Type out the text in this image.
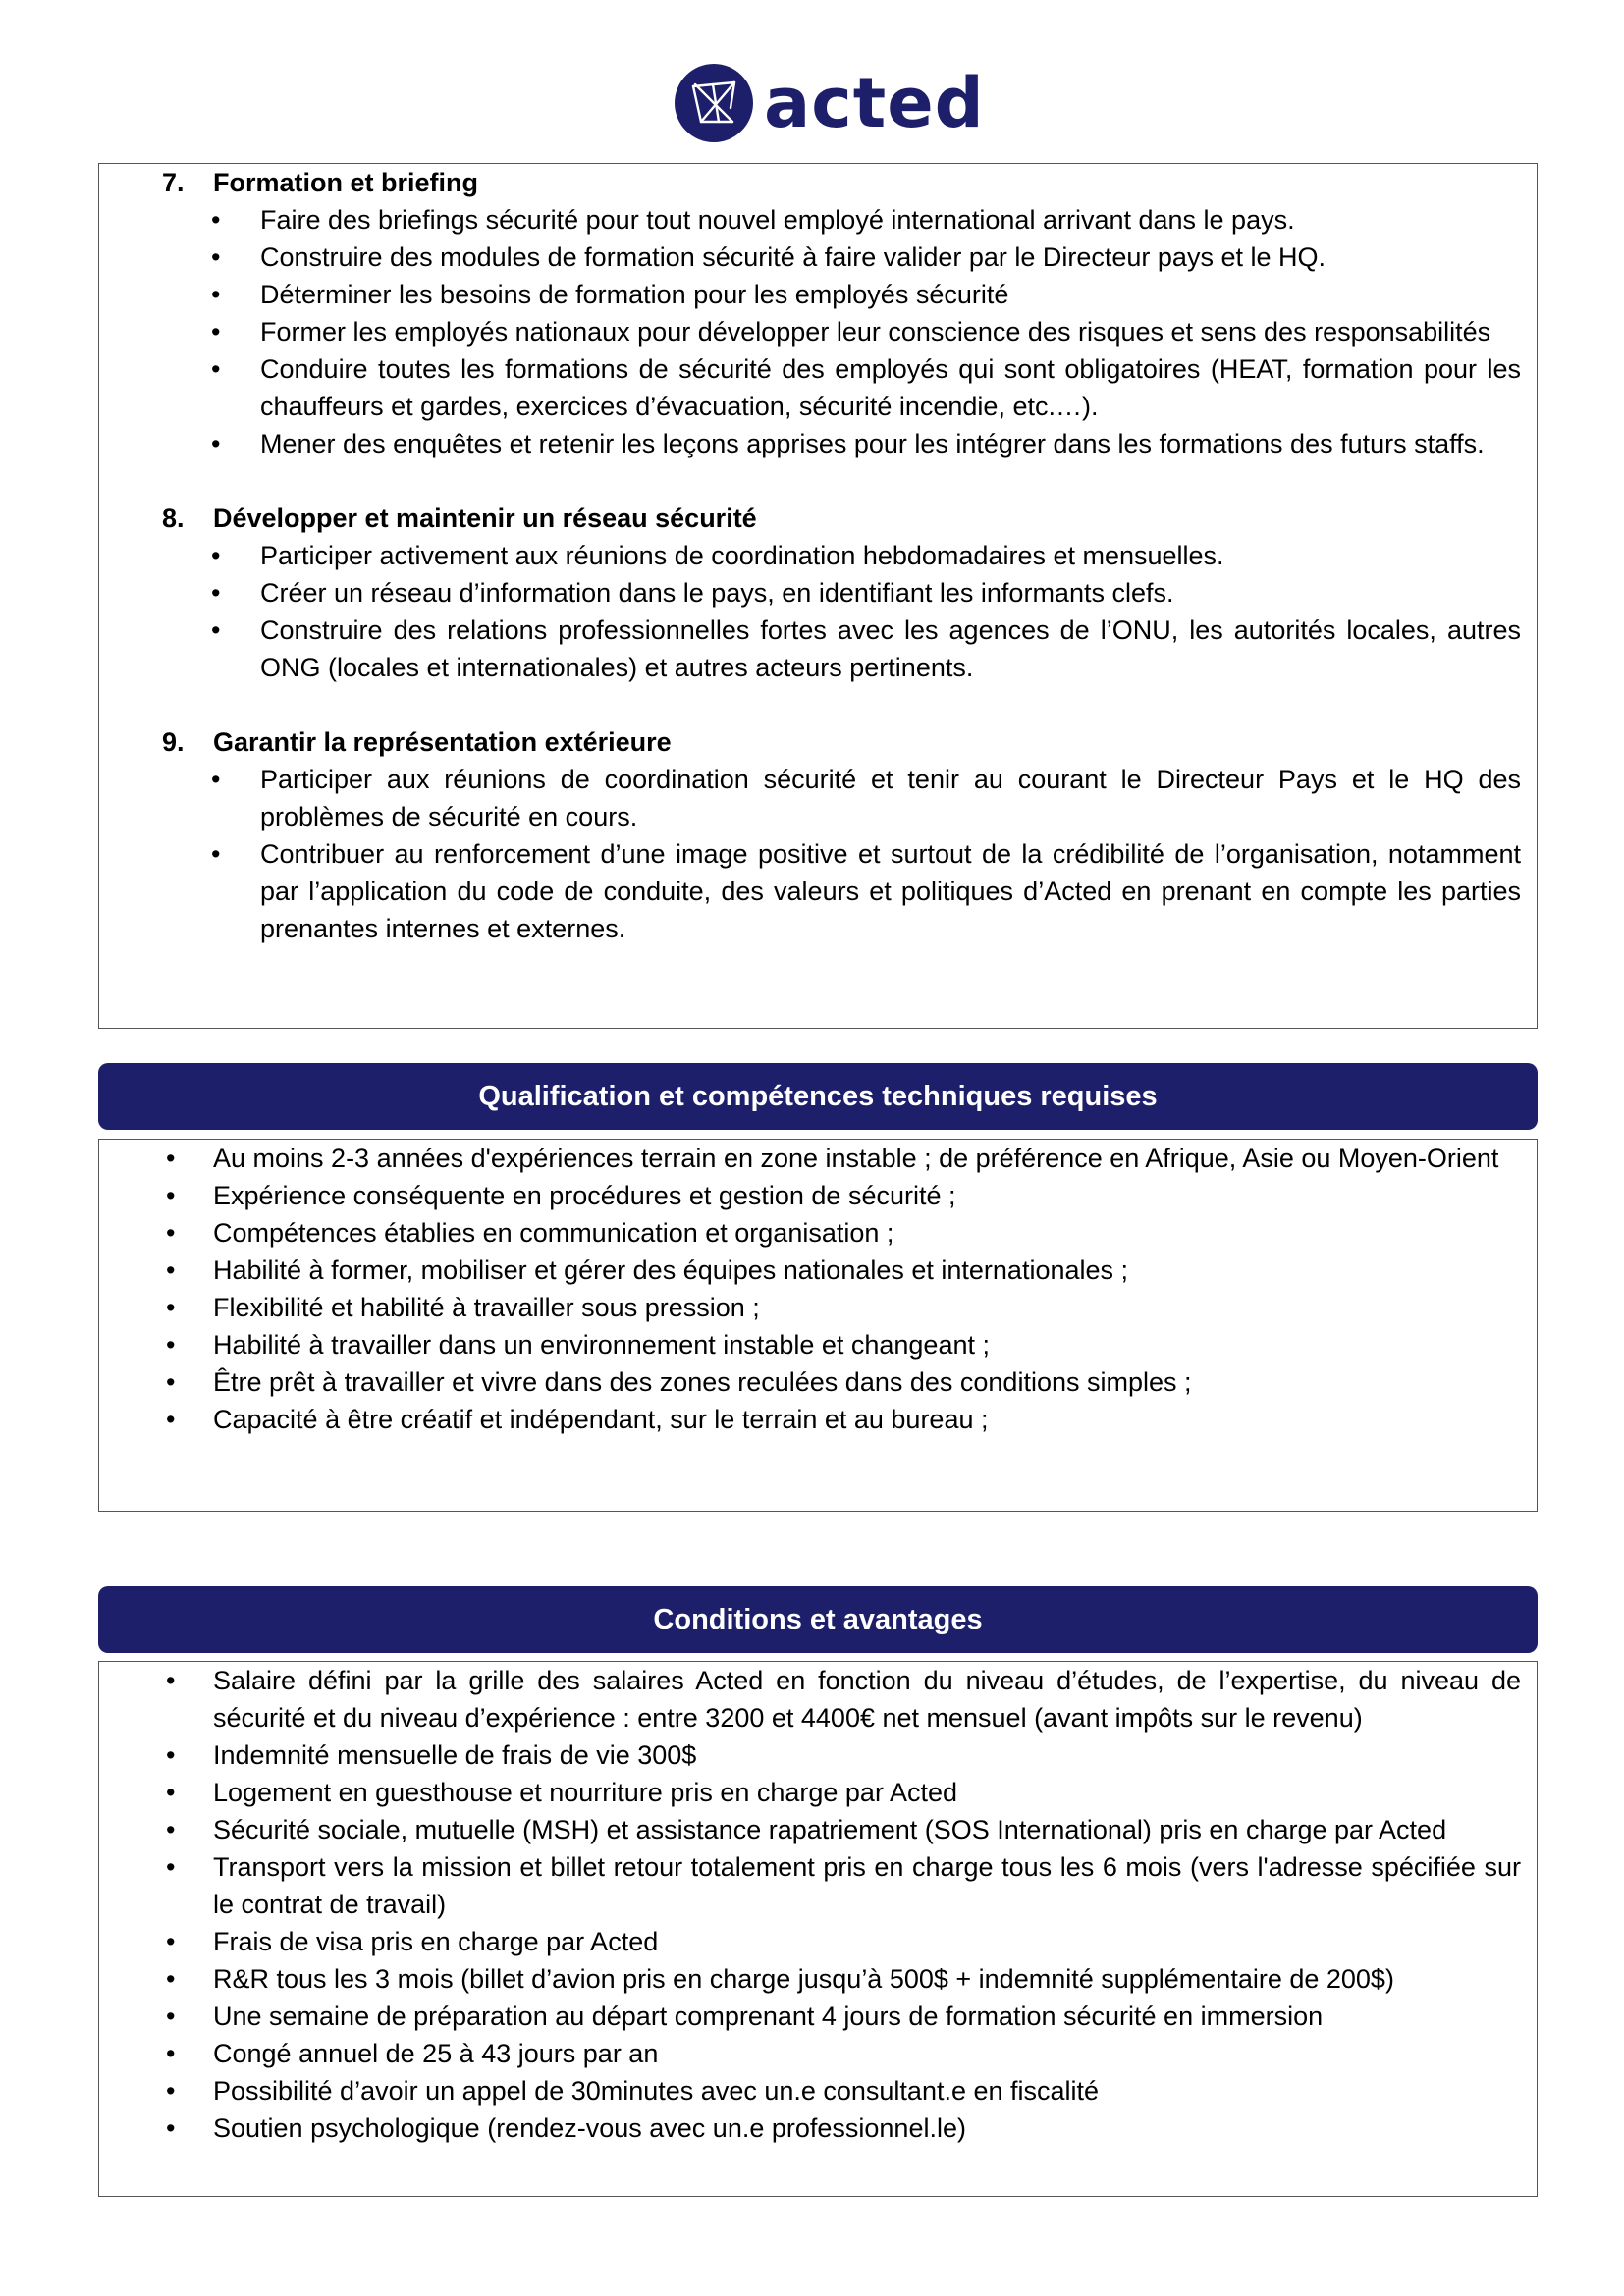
acted
7.	Formation et briefing
• Faire des briefings sécurité pour tout nouvel employé international arrivant dans le pays.
• Construire des modules de formation sécurité à faire valider par le Directeur pays et le HQ.
• Déterminer les besoins de formation pour les employés sécurité
• Former les employés nationaux pour développer leur conscience des risques et sens des responsabilités
• Conduire toutes les formations de sécurité des employés qui sont obligatoires (HEAT, formation pour les chauffeurs et gardes, exercices d’évacuation, sécurité incendie, etc.…).
• Mener des enquêtes et retenir les leçons apprises pour les intégrer dans les formations des futurs staffs.
8.	Développer et maintenir un réseau sécurité
• Participer activement aux réunions de coordination hebdomadaires et mensuelles.
• Créer un réseau d’information dans le pays, en identifiant les informants clefs.
• Construire des relations professionnelles fortes avec les agences de l’ONU, les autorités locales, autres ONG (locales et internationales) et autres acteurs pertinents.
9.	Garantir la représentation extérieure
• Participer aux réunions de coordination sécurité et tenir au courant le Directeur Pays et le HQ des problèmes de sécurité en cours.
• Contribuer au renforcement d’une image positive et surtout de la crédibilité de l’organisation, notamment par l’application du code de conduite, des valeurs et politiques d’Acted en prenant en compte les parties prenantes internes et externes.
Qualification et compétences techniques requises
• Au moins 2-3 années d'expériences terrain en zone instable ; de préférence en Afrique, Asie ou Moyen-Orient
• Expérience conséquente en procédures et gestion de sécurité ;
• Compétences établies en communication et organisation ;
• Habilité à former, mobiliser et gérer des équipes nationales et internationales ;
• Flexibilité et habilité à travailler sous pression ;
• Habilité à travailler dans un environnement instable et changeant ;
• Être prêt à travailler et vivre dans des zones reculées dans des conditions simples ;
• Capacité à être créatif et indépendant, sur le terrain et au bureau ;
Conditions et avantages
• Salaire défini par la grille des salaires Acted en fonction du niveau d’études, de l’expertise, du niveau de sécurité et du niveau d’expérience : entre 3200 et 4400€ net mensuel (avant impôts sur le revenu)
• Indemnité mensuelle de frais de vie 300$
• Logement en guesthouse et nourriture pris en charge par Acted
• Sécurité sociale, mutuelle (MSH) et assistance rapatriement (SOS International) pris en charge par Acted
• Transport vers la mission et billet retour totalement pris en charge tous les 6 mois (vers l'adresse spécifiée sur le contrat de travail)
• Frais de visa pris en charge par Acted
• R&R tous les 3 mois (billet d’avion pris en charge jusqu’à 500$ + indemnité supplémentaire de 200$)
• Une semaine de préparation au départ comprenant 4 jours de formation sécurité en immersion
• Congé annuel de 25 à 43 jours par an
• Possibilité d’avoir un appel de 30minutes avec un.e consultant.e en fiscalité
• Soutien psychologique (rendez-vous avec un.e professionnel.le)
